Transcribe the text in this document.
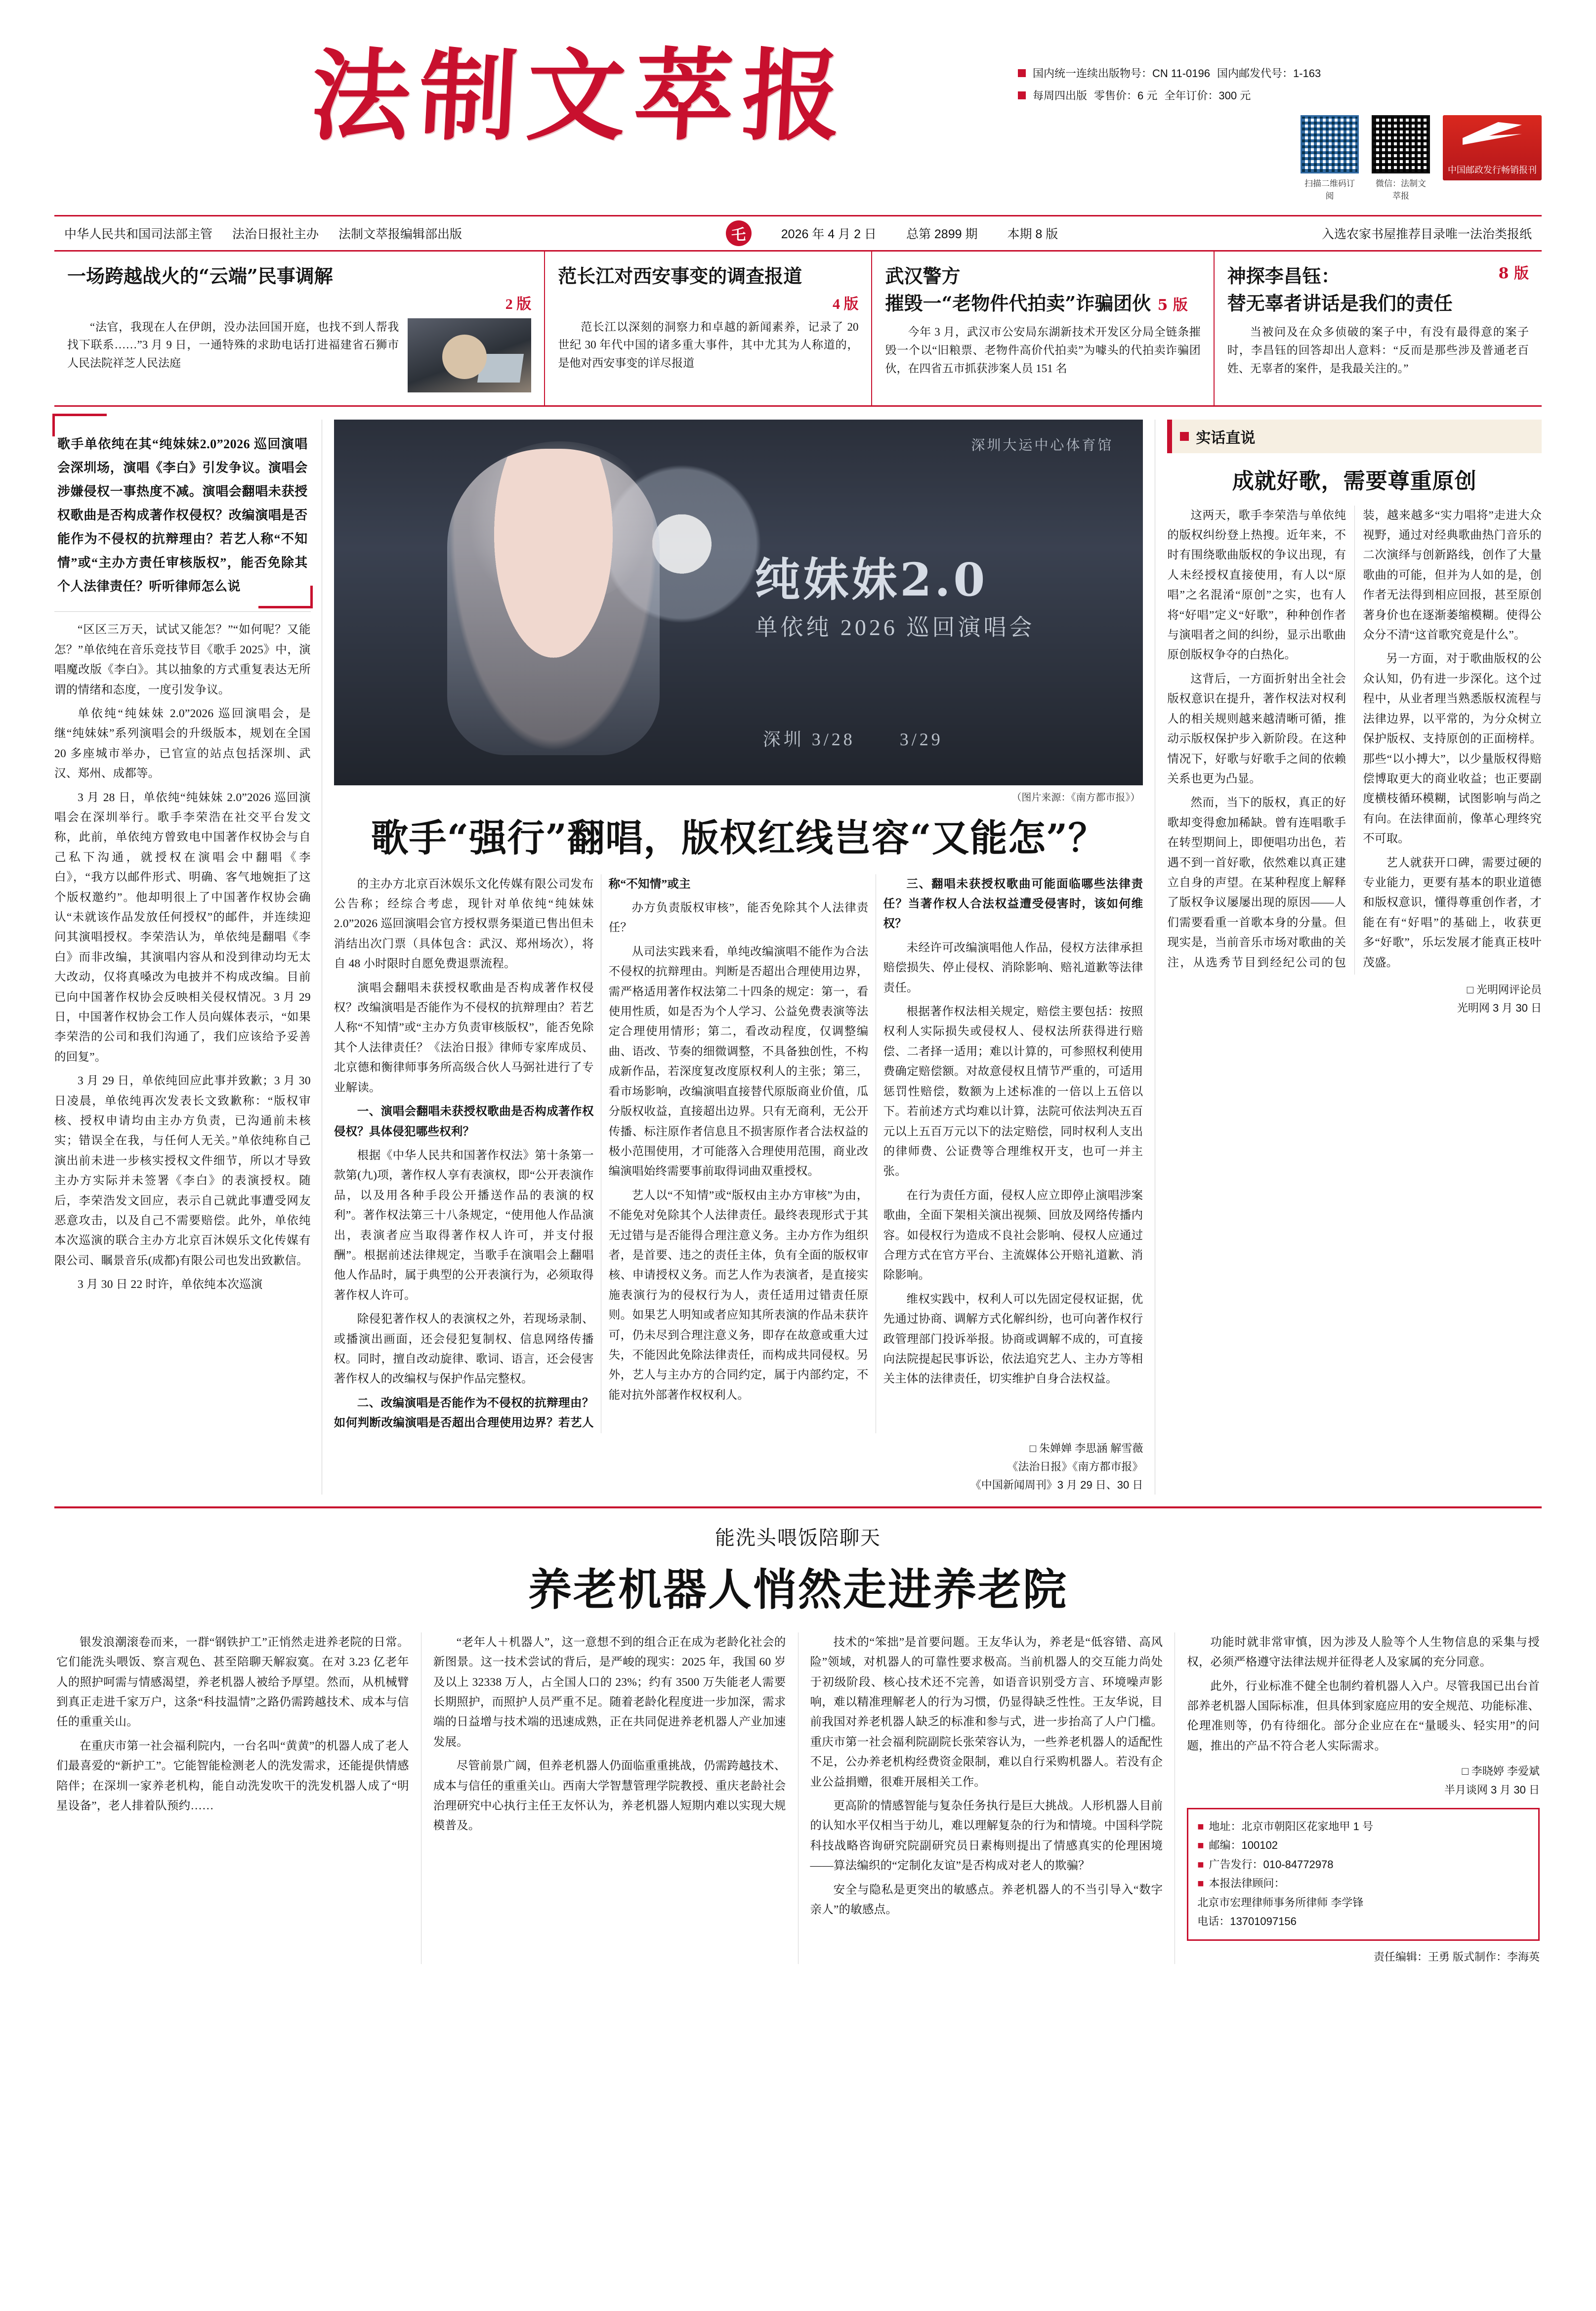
法制文萃报	国内统一连续出版物号：CN 11-0196 国内邮发代号：1-163
每周四出版 零售价：6 元 全年订价：300 元
扫描二维码订阅
微信：法制文萃报
中国邮政发行畅销报刊
中华人民共和国司法部主管 法治日报社主办 法制文萃报编辑部出版	乇	2026 年 4 月 2 日 总第 2899 期 本期 8 版	入选农家书屋推荐目录唯一法治类报纸
一场跨越战火的“云端”民事调解
2 版

“法官，我现在人在伊朗，没办法回国开庭，也找不到人帮我找下联系……”3 月 9 日，一通特殊的求助电话打进福建省石狮市人民法院祥芝人民法庭

范长江对西安事变的调查报道
4 版

范长江以深刻的洞察力和卓越的新闻素养，记录了 20 世纪 30 年代中国的诸多重大事件，其中尤其为人称道的，是他对西安事变的详尽报道

武汉警方
摧毁一“老物件代拍卖”诈骗团伙 5 版

今年 3 月，武汉市公安局东湖新技术开发区分局全链条摧毁一个以“旧粮票、老物件高价代拍卖”为噱头的代拍卖诈骗团伙，在四省五市抓获涉案人员 151 名

神探李昌钰：	8 版
替无辜者讲话是我们的责任

当被问及在众多侦破的案子中，有没有最得意的案子时，李昌钰的回答却出人意料：“反而是那些涉及普通老百姓、无辜者的案件，是我最关注的。”

歌手单依纯在其“纯妹妹2.0”2026 巡回演唱会深圳场，演唱《李白》引发争议。演唱会涉嫌侵权一事热度不减。演唱会翻唱未获授权歌曲是否构成著作权侵权？改编演唱是否能作为不侵权的抗辩理由？若艺人称“不知情”或“主办方责任审核版权”，能否免除其个人法律责任？听听律师怎么说

“区区三万天，试试又能怎？”“如何呢？又能怎？”单依纯在音乐竞技节目《歌手 2025》中，演唱魔改版《李白》。其以抽象的方式重复表达无所谓的情绪和态度，一度引发争议。

单依纯“纯妹妹 2.0”2026 巡回演唱会，是继“纯妹妹”系列演唱会的升级版本，规划在全国 20 多座城市举办，已官宣的站点包括深圳、武汉、郑州、成都等。

3 月 28 日，单依纯“纯妹妹 2.0”2026 巡回演唱会在深圳举行。歌手李荣浩在社交平台发文称，此前，单依纯方曾致电中国著作权协会与自己私下沟通，就授权在演唱会中翻唱《李白》，“我方以邮件形式、明确、客气地婉拒了这个版权邀约”。他却明很上了中国著作权协会确认“未就该作品发放任何授权”的邮件，并连续迎问其演唱授权。李荣浩认为，单依纯是翻唱《李白》而非改编，其演唱内容从和没到律动均无太大改动，仅将真嗓改为电披并不构成改编。目前已向中国著作权协会反映相关侵权情况。3 月 29 日，中国著作权协会工作人员向媒体表示，“如果李荣浩的公司和我们沟通了，我们应该给予妥善的回复”。

3 月 29 日，单依纯回应此事并致歉；3 月 30 日凌晨，单依纯再次发表长文致歉称：“版权审核、授权申请均由主办方负责，已沟通前未核实；错误全在我，与任何人无关。”单依纯称自己演出前未进一步核实授权文件细节，所以才导致主办方实际并未签署《李白》的表演授权。随后，李荣浩发文回应，表示自己就此事遭受网友恶意攻击，以及自己不需要赔偿。此外，单依纯本次巡演的联合主办方北京百沐娱乐文化传媒有限公司、瞩景音乐(成都)有限公司也发出致歉信。

3 月 30 日 22 时许，单依纯本次巡演

深圳大运中心体育馆
纯妹妹2.0
单依纯 2026 巡回演唱会
深圳 3/28	3/29
（图片来源：《南方都市报》）
歌手“强行”翻唱，版权红线岂容“又能怎”？

的主办方北京百沐娱乐文化传媒有限公司发布公告称；经综合考虑，现针对单依纯“纯妹妹 2.0”2026 巡回演唱会官方授权票务渠道已售出但未消结出次门票（具体包含：武汉、郑州场次），将自 48 小时限时自愿免费退票流程。

演唱会翻唱未获授权歌曲是否构成著作权侵权？改编演唱是否能作为不侵权的抗辩理由？若艺人称“不知情”或“主办方负责审核版权”，能否免除其个人法律责任？《法治日报》律师专家库成员、北京德和衡律师事务所高级合伙人马弼社进行了专业解读。

一、演唱会翻唱未获授权歌曲是否构成著作权侵权？具体侵犯哪些权利？

根据《中华人民共和国著作权法》第十条第一款第(九)项，著作权人享有表演权，即“公开表演作品，以及用各种手段公开播送作品的表演的权利”。著作权法第三十八条规定，“使用他人作品演出，表演者应当取得著作权人许可，并支付报酬”。根据前述法律规定，当歌手在演唱会上翻唱他人作品时，属于典型的公开表演行为，必须取得著作权人许可。

除侵犯著作权人的表演权之外，若现场录制、或播演出画面，还会侵犯复制权、信息网络传播权。同时，擅自改动旋律、歌词、语言，还会侵害著作权人的改编权与保护作品完整权。

二、改编演唱是否能作为不侵权的抗辩理由？如何判断改编演唱是否超出合理使用边界？若艺人称“不知情”或主

办方负责版权审核”，能否免除其个人法律责任？

从司法实践来看，单纯改编演唱不能作为合法不侵权的抗辩理由。判断是否超出合理使用边界，需严格适用著作权法第二十四条的规定：第一，看使用性质，如是否为个人学习、公益免费表演等法定合理使用情形；第二，看改动程度，仅调整编曲、语改、节奏的细微调整，不具备独创性，不构成新作品，若深度复改度原权利人的主张；第三，看市场影响，改编演唱直接替代原版商业价值，瓜分版权收益，直接超出边界。只有无商利，无公开传播、标注原作者信息且不损害原作者合法权益的极小范围使用，才可能落入合理使用范围，商业改编演唱始终需要事前取得词曲双重授权。

艺人以“不知情”或“版权由主办方审核”为由，不能免对免除其个人法律责任。最终表现形式于其无过错与是否能得合理注意义务。主办方作为组织者，是首要、违之的责任主体，负有全面的版权审核、申请授权义务。而艺人作为表演者，是直接实施表演行为的侵权行为人，责任适用过错责任原则。如果艺人明知或者应知其所表演的作品未获许可，仍未尽到合理注意义务，即存在故意或重大过失，不能因此免除法律责任，而构成共同侵权。另外，艺人与主办方的合同约定，属于内部约定，不能对抗外部著作权权利人。

三、翻唱未获授权歌曲可能面临哪些法律责任？当著作权人合法权益遭受侵害时，该如何维权？

未经许可改编演唱他人作品，侵权方法律承担赔偿损失、停止侵权、消除影响、赔礼道歉等法律责任。

根据著作权法相关规定，赔偿主要包括：按照权利人实际损失或侵权人、侵权法所获得进行赔偿、二者择一适用；难以计算的，可参照权利使用费确定赔偿额。对故意侵权且情节严重的，可适用惩罚性赔偿，数额为上述标准的一倍以上五倍以下。若前述方式均难以计算，法院可依法判决五百元以上五百万元以下的法定赔偿，同时权利人支出的律师费、公证费等合理维权开支，也可一并主张。

在行为责任方面，侵权人应立即停止演唱涉案歌曲，全面下架相关演出视频、回放及网络传播内容。如侵权行为造成不良社会影响、侵权人应通过合理方式在官方平台、主流媒体公开赔礼道歉、消除影响。

维权实践中，权利人可以先固定侵权证据，优先通过协商、调解方式化解纠纷，也可向著作权行政管理部门投诉举报。协商或调解不成的，可直接向法院提起民事诉讼，依法追究艺人、主办方等相关主体的法律责任，切实维护自身合法权益。

□ 朱婵婵 李思涵 解雪薇
《法治日报》《南方都市报》
《中国新闻周刊》3 月 29 日、30 日
实话直说
成就好歌，需要尊重原创

这两天，歌手李荣浩与单依纯的版权纠纷登上热搜。近年来，不时有围绕歌曲版权的争议出现，有人未经授权直接使用，有人以“原唱”之名混淆“原创”之实，也有人将“好唱”定义“好歌”，种种创作者与演唱者之间的纠纷，显示出歌曲原创版权争夺的白热化。

这背后，一方面折射出全社会版权意识在提升，著作权法对权利人的相关规则越来越清晰可循，推动示版权保护步入新阶段。在这种情况下，好歌与好歌手之间的依赖关系也更为凸显。

然而，当下的版权，真正的好歌却变得愈加稀缺。曾有连唱歌手在转型期间上，即便唱功出色，若遇不到一首好歌，依然难以真正建立自身的声望。在某种程度上解释了版权争议屡屡出现的原因——人们需要看重一首歌本身的分量。但现实是，当前音乐市场对歌曲的关注，从选秀节目到经纪公司的包装，越来越多“实力唱将”走进大众视野，通过对经典歌曲热门音乐的二次演绎与创新路线，创作了大量歌曲的可能，但并为人如的是，创作者无法得到相应回报，甚至原创著身价也在逐渐萎缩模糊。使得公众分不清“这首歌究竟是什么”。

另一方面，对于歌曲版权的公众认知，仍有进一步深化。这个过程中，从业者理当熟悉版权流程与法律边界，以平常的，为分众树立保护版权、支持原创的正面榜样。那些“以小搏大”，以少量版权得赔偿博取更大的商业收益；也正要副度横枝循环模糊，试图影响与尚之有向。在法律面前，像革心理终究不可取。

艺人就获开口碑，需要过硬的专业能力，更要有基本的职业道德和版权意识，懂得尊重创作者，才能在有“好唱”的基础上，收获更多“好歌”，乐坛发展才能真正枝叶茂盛。

□ 光明网评论员
光明网 3 月 30 日
能洗头喂饭陪聊天
养老机器人悄然走进养老院

银发浪潮滚卷而来，一群“钢铁护工”正悄然走进养老院的日常。它们能洗头喂饭、察言观色、甚至陪聊天解寂寞。在对 3.23 亿老年人的照护呵需与情感渴望，养老机器人被给予厚望。然而，从机械臂到真正走进千家万户，这条“科技温情”之路仍需跨越技术、成本与信任的重重关山。

在重庆市第一社会福利院内，一台名叫“黄黄”的机器人成了老人们最喜爱的“新护工”。它能智能检测老人的洗发需求，还能提供情感陪伴；在深圳一家养老机构，能自动洗发吹干的洗发机器人成了“明星设备”，老人排着队预约……

“老年人＋机器人”，这一意想不到的组合正在成为老龄化社会的新图景。这一技术尝试的背后，是严峻的现实：2025 年，我国 60 岁及以上 32338 万人，占全国人口的 23%；约有 3500 万失能老人需要长期照护，而照护人员严重不足。随着老龄化程度进一步加深，需求端的日益增与技术端的迅速成熟，正在共同促进养老机器人产业加速发展。

尽管前景广阔，但养老机器人仍面临重重挑战，仍需跨越技术、成本与信任的重重关山。西南大学智慧管理学院教授、重庆老龄社会治理研究中心执行主任王友怀认为，养老机器人短期内难以实现大规模普及。

技术的“笨拙”是首要问题。王友华认为，养老是“低容错、高风险”领域，对机器人的可靠性要求极高。当前机器人的交互能力尚处于初级阶段、核心技术还不完善，如语音识别受方言、环境噪声影响，难以精准理解老人的行为习惯，仍显得缺乏性性。王友华说，目前我国对养老机器人缺乏的标准和参与式，进一步抬高了人户门槛。重庆市第一社会福利院副院长张荣容认为，一些养老机器人的适配性不足，公办养老机构经费资金限制，难以自行采购机器人。若没有企业公益捐赠，很难开展相关工作。

更高阶的情感智能与复杂任务执行是巨大挑战。人形机器人目前的认知水平仅相当于幼儿，难以理解复杂的行为和情境。中国科学院科技战略咨询研究院副研究员日素梅则提出了情感真实的伦理困境——算法编织的“定制化友谊”是否构成对老人的欺骗？

安全与隐私是更突出的敏感点。养老机器人的不当引导入“数字亲人”的敏感点。

功能时就非常审慎，因为涉及人脸等个人生物信息的采集与授权，必须严格遵守法律法规并征得老人及家属的充分同意。

此外，行业标准不健全也制约着机器人入户。尽管我国已出台首部养老机器人国际标准，但具体到家庭应用的安全规范、功能标准、伦理准则等，仍有待细化。部分企业应在在“量暖头、轻实用”的问题，推出的产品不符合老人实际需求。

□ 李晓婷 李爱斌
半月谈网 3 月 30 日
■ 地址：北京市朝阳区花家地甲 1 号
■ 邮编：100102
■ 广告发行：010-84772978
■ 本报法律顾问：
北京市宏理律师事务所律师 李学锋
电话：13701097156
责任编辑：王勇 版式制作：李海英
